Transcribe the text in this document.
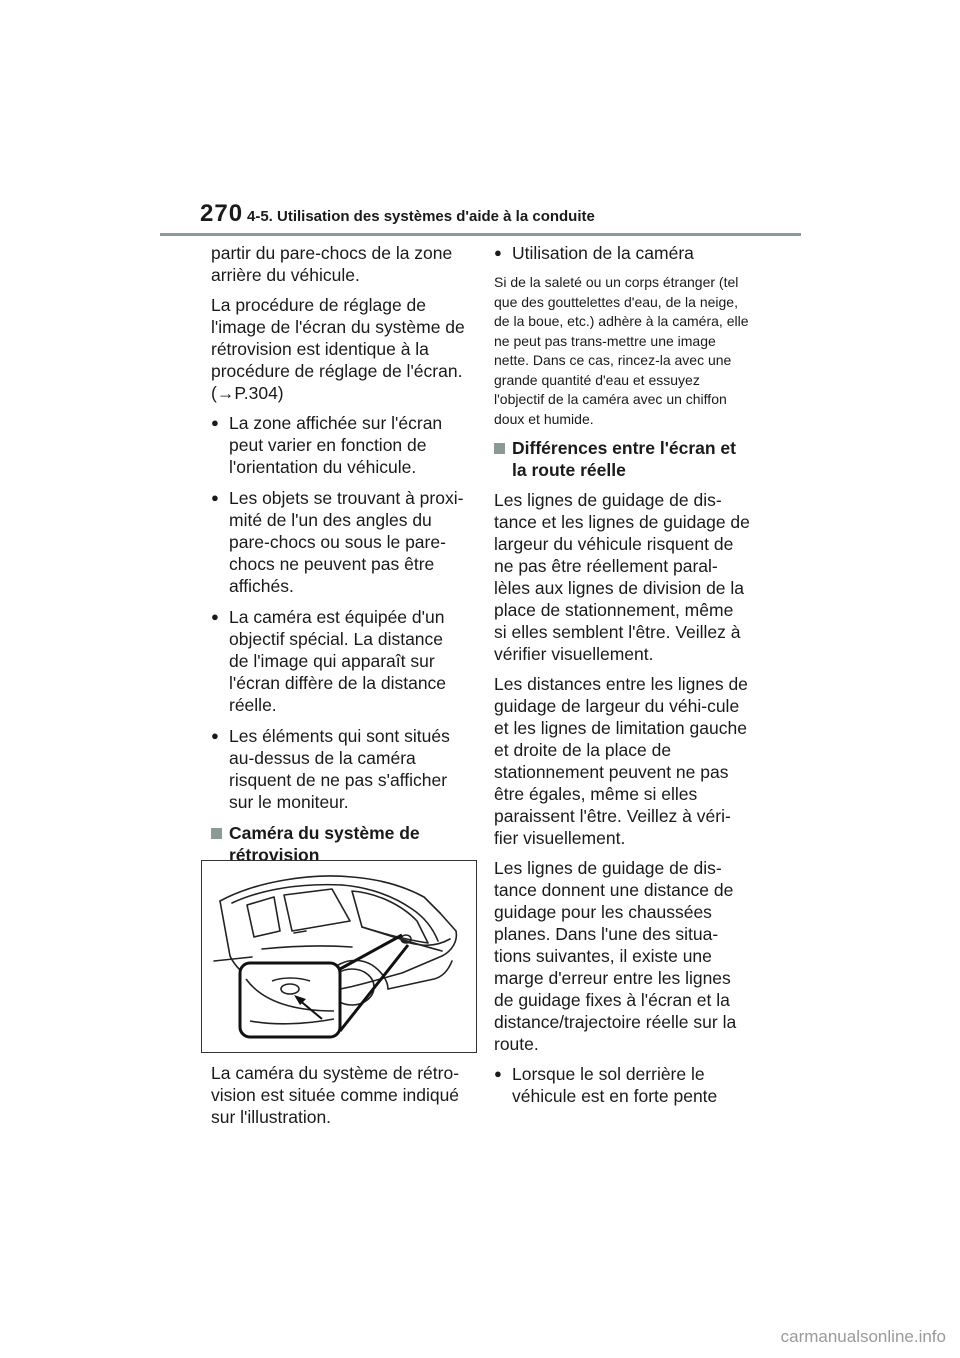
270 4-5. Utilisation des systèmes d'aide à la conduite

partir du pare-chocs de la zone arrière du véhicule.

La procédure de réglage de l'image de l'écran du système de rétrovision est identique à la procédure de réglage de l'écran. (→P.304)

● La zone affichée sur l'écran peut varier en fonction de l'orientation du véhicule.
● Les objets se trouvant à proxi-mité de l'un des angles du pare-chocs ou sous le pare-chocs ne peuvent pas être affichés.
● La caméra est équipée d'un objectif spécial. La distance de l'image qui apparaît sur l'écran diffère de la distance réelle.
● Les éléments qui sont situés au-dessus de la caméra risquent de ne pas s'afficher sur le moniteur.
Caméra du système de rétrovision
La caméra du système de rétro-vision est située comme indiqué sur l'illustration.
● Utilisation de la caméra

Si de la saleté ou un corps étranger (tel que des gouttelettes d'eau, de la neige, de la boue, etc.) adhère à la caméra, elle ne peut pas trans-mettre une image nette. Dans ce cas, rincez-la avec une grande quantité d'eau et essuyez l'objectif de la caméra avec un chiffon doux et humide.

Différences entre l'écran et la route réelle

Les lignes de guidage de dis-tance et les lignes de guidage de largeur du véhicule risquent de ne pas être réellement paral-lèles aux lignes de division de la place de stationnement, même si elles semblent l'être. Veillez à vérifier visuellement.

Les distances entre les lignes de guidage de largeur du véhi-cule et les lignes de limitation gauche et droite de la place de stationnement peuvent ne pas être égales, même si elles paraissent l'être. Veillez à véri-fier visuellement.

Les lignes de guidage de dis-tance donnent une distance de guidage pour les chaussées planes. Dans l'une des situa-tions suivantes, il existe une marge d'erreur entre les lignes de guidage fixes à l'écran et la distance/trajectoire réelle sur la route.

● Lorsque le sol derrière le véhicule est en forte pente
carmanualsonline.info
